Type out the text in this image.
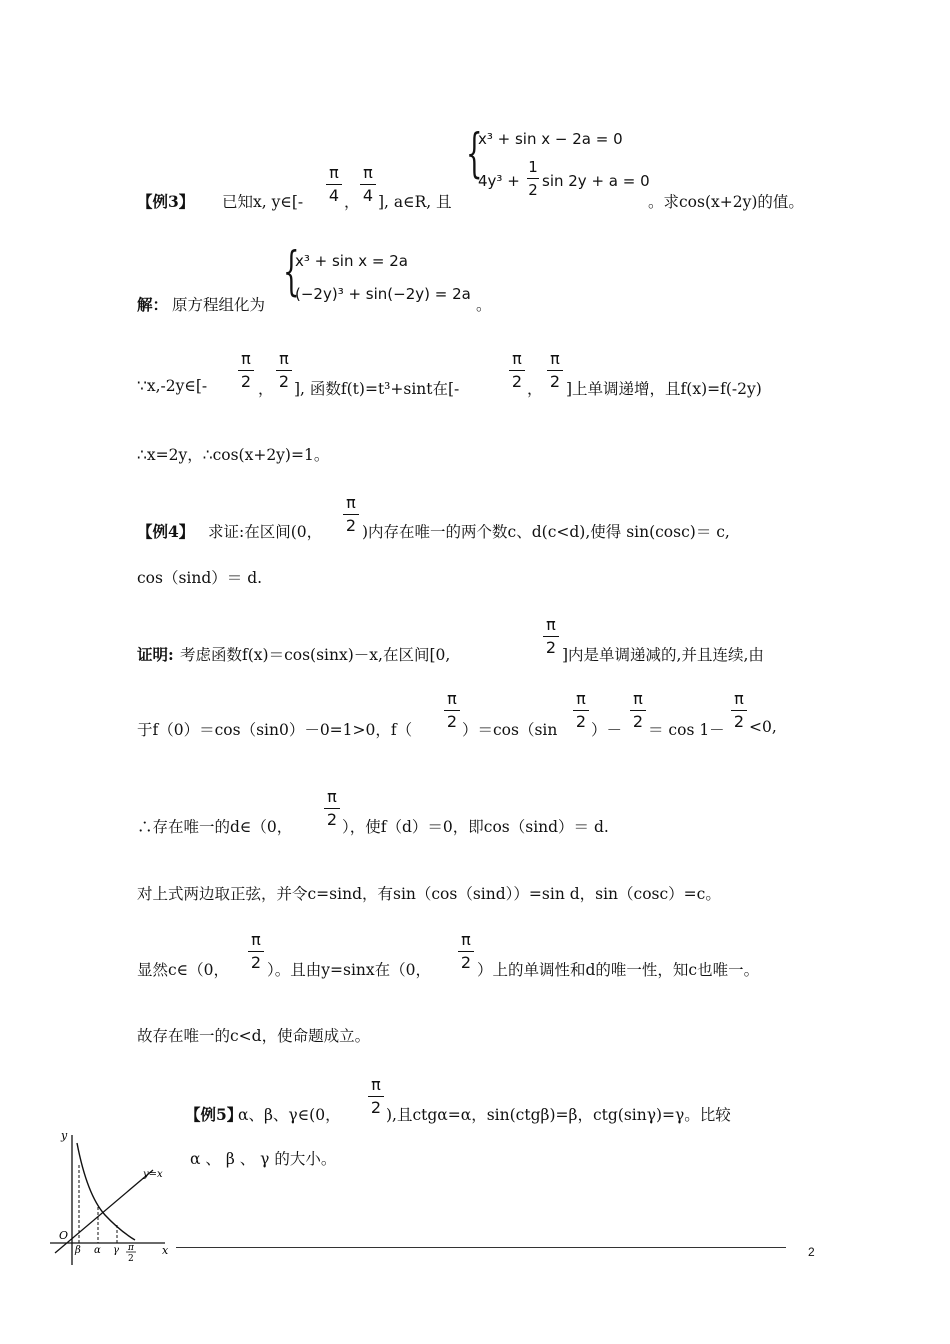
【例3】 已知x, y∈[-
π
4 ，
π
4 ], a∈R, 且
{
x³ + sin x − 2a = 0
4y³ +
1
2 sin 2y + a = 0
。求cos(x+2y)的值。
解： 原方程组化为
{
x³ + sin x = 2a
(−2y)³ + sin(−2y) = 2a
。
∵x,-2y∈[-
π
2 ，
π
2 ], 函数f(t)=t³+sint在[-
π
2 ，
π
2 ]上单调递增，且f(x)=f(-2y)
∴x=2y，∴cos(x+2y)=1。
【例4】 求证:在区间(0，
π
2 )内存在唯一的两个数c、d(c<d),使得 sin(cosc)＝ c,
cos（sind）＝ d.
证明: 考虑函数f(x)＝cos(sinx)－x,在区间[0,
π
2 ]内是单调递减的,并且连续,由
于f（0）＝cos（sin0）－0=1>0，f（
π
2 ）＝cos（sin
π
2 ）－
π
2 ＝ cos 1－
π
2 <0,
∴存在唯一的d∈（0，
π
2 ），使f（d）＝0，即cos（sind）＝ d.
对上式两边取正弦，并令c=sind，有sin（cos（sind））=sin d，sin（cosc）=c。
显然c∈（0，
π
2 ）。且由y=sinx在（0，
π
2 ）上的单调性和d的唯一性，知c也唯一。
故存在唯一的c<d，使命题成立。
【例5】
α、β、γ∈(0，
π
2 ),且ctgα=α，sin(ctgβ)=β，ctg(sinγ)=γ。比较
α 、 β 、 γ 的大小。
y
x
O
y=x
β α γ π
2	2
